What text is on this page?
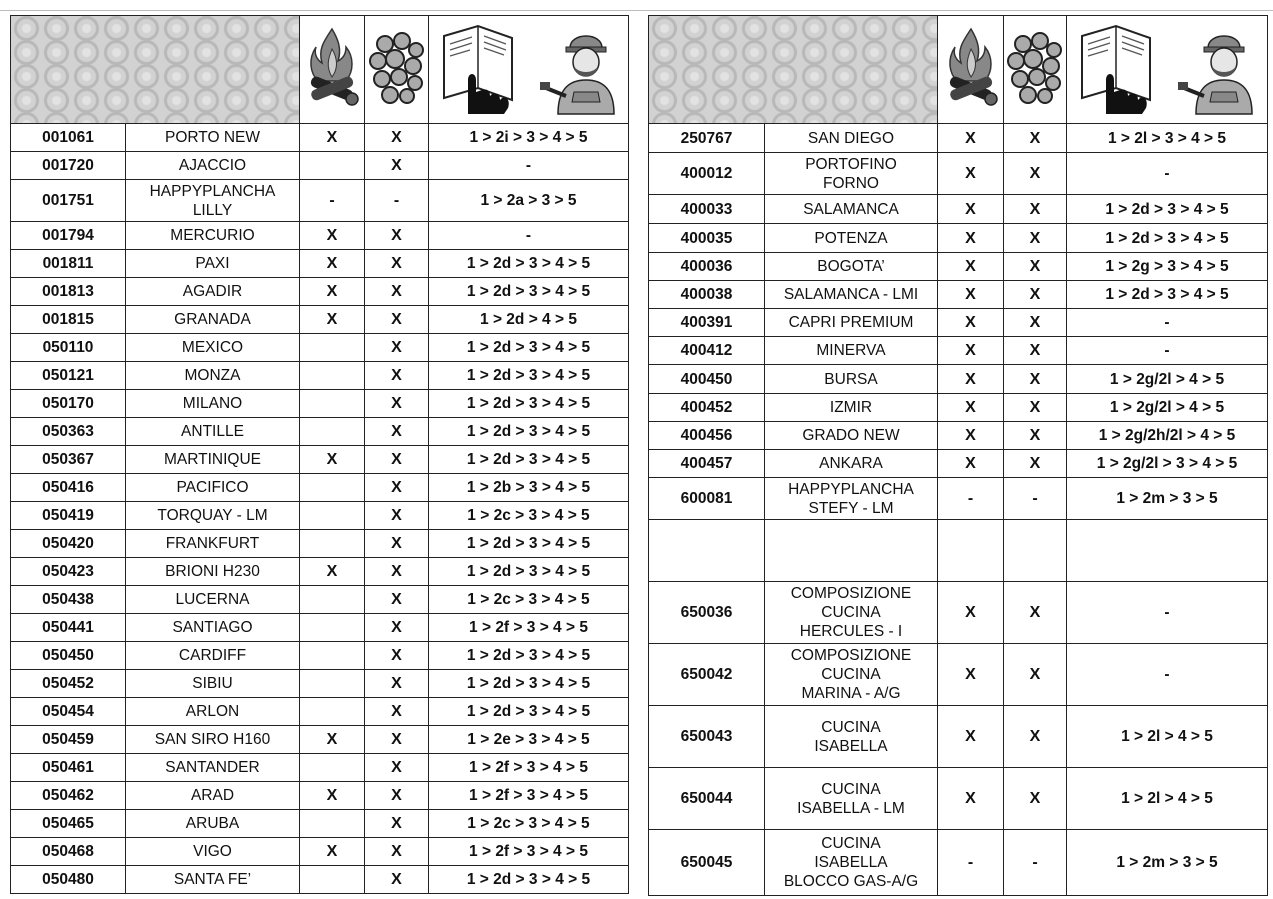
001061	PORTO NEW	X	X	1 > 2i > 3 > 4 > 5
001720	AJACCIO		X	-
001751	HAPPYPLANCHA
LILLY	-	-	1 > 2a > 3 > 5
001794	MERCURIO	X	X	-
001811	PAXI	X	X	1 > 2d > 3 > 4 > 5
001813	AGADIR	X	X	1 > 2d > 3 > 4 > 5
001815	GRANADA	X	X	1 > 2d > 4 > 5
050110	MEXICO		X	1 > 2d > 3 > 4 > 5
050121	MONZA		X	1 > 2d > 3 > 4 > 5
050170	MILANO		X	1 > 2d > 3 > 4 > 5
050363	ANTILLE		X	1 > 2d > 3 > 4 > 5
050367	MARTINIQUE	X	X	1 > 2d > 3 > 4 > 5
050416	PACIFICO		X	1 > 2b > 3 > 4 > 5
050419	TORQUAY - LM		X	1 > 2c > 3 > 4 > 5
050420	FRANKFURT		X	1 > 2d > 3 > 4 > 5
050423	BRIONI H230	X	X	1 > 2d > 3 > 4 > 5
050438	LUCERNA		X	1 > 2c > 3 > 4 > 5
050441	SANTIAGO		X	1 > 2f > 3 > 4 > 5
050450	CARDIFF		X	1 > 2d > 3 > 4 > 5
050452	SIBIU		X	1 > 2d > 3 > 4 > 5
050454	ARLON		X	1 > 2d > 3 > 4 > 5
050459	SAN SIRO H160	X	X	1 > 2e > 3 > 4 > 5
050461	SANTANDER		X	1 > 2f > 3 > 4 > 5
050462	ARAD	X	X	1 > 2f > 3 > 4 > 5
050465	ARUBA		X	1 > 2c > 3 > 4 > 5
050468	VIGO	X	X	1 > 2f > 3 > 4 > 5
050480	SANTA FE’		X	1 > 2d > 3 > 4 > 5

250767	SAN DIEGO	X	X	1 > 2l > 3 > 4 > 5
400012	PORTOFINO
FORNO	X	X	-
400033	SALAMANCA	X	X	1 > 2d > 3 > 4 > 5
400035	POTENZA	X	X	1 > 2d > 3 > 4 > 5
400036	BOGOTA’	X	X	1 > 2g > 3 > 4 > 5
400038	SALAMANCA - LMI	X	X	1 > 2d > 3 > 4 > 5
400391	CAPRI PREMIUM	X	X	-
400412	MINERVA	X	X	-
400450	BURSA	X	X	1 > 2g/2l > 4 > 5
400452	IZMIR	X	X	1 > 2g/2l > 4 > 5
400456	GRADO NEW	X	X	1 > 2g/2h/2l > 4 > 5
400457	ANKARA	X	X	1 > 2g/2l > 3 > 4 > 5
600081	HAPPYPLANCHA
STEFY - LM	-	-	1 > 2m > 3 > 5

650036	COMPOSIZIONE
CUCINA
HERCULES - I	X	X	-
650042	COMPOSIZIONE
CUCINA
MARINA - A/G	X	X	-
650043	CUCINA
ISABELLA	X	X	1 > 2l > 4 > 5
650044	CUCINA
ISABELLA - LM	X	X	1 > 2l > 4 > 5
650045	CUCINA
ISABELLA
BLOCCO GAS-A/G	-	-	1 > 2m > 3 > 5
